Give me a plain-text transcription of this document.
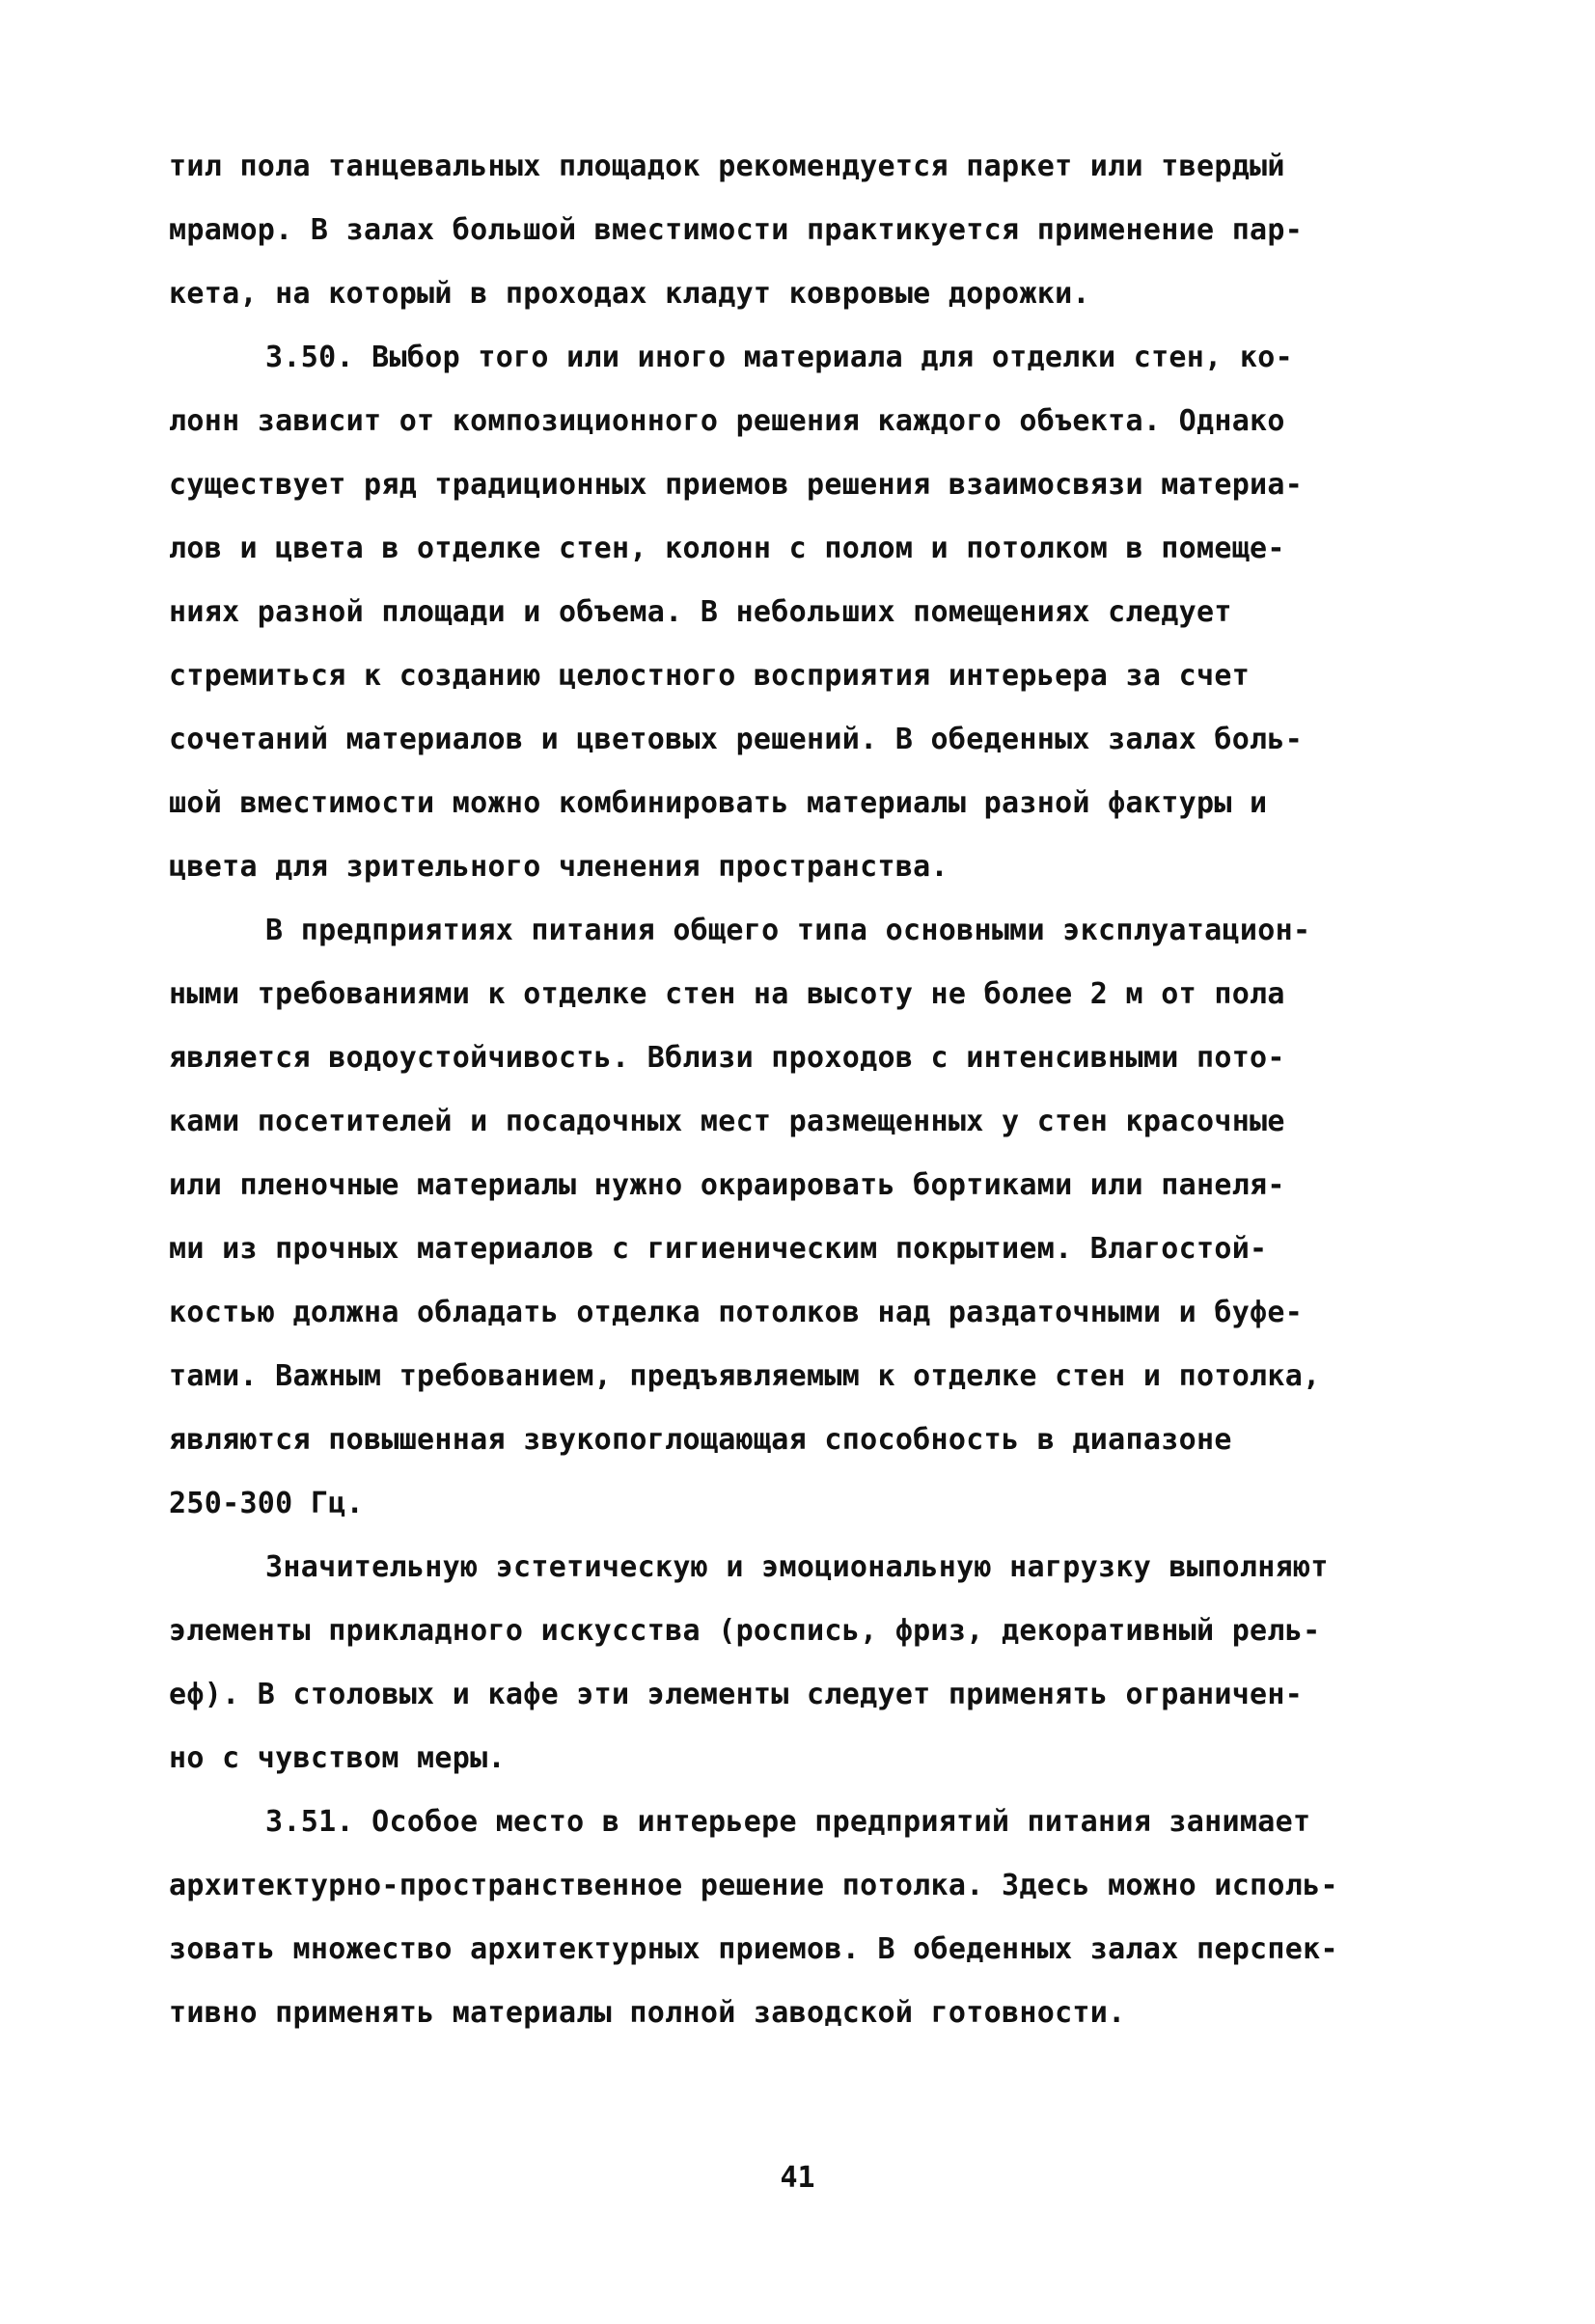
тил пола танцевальных площадок рекомендуется паркет или твердый
мрамор. В залах большой вместимости практикуется применение пар-
кета, на который в проходах кладут ковровые дорожки.
3.50. Выбор того или иного материала для отделки стен, ко-
лонн зависит от композиционного решения каждого объекта. Однако
существует ряд традиционных приемов решения взаимосвязи материа-
лов и цвета в отделке стен, колонн с полом и потолком в помеще-
ниях разной площади и объема. В небольших помещениях следует
стремиться к созданию целостного восприятия интерьера за счет
сочетаний материалов и цветовых решений. В обеденных залах боль-
шой вместимости можно комбинировать материалы разной фактуры и
цвета для зрительного членения пространства.
В предприятиях питания общего типа основными эксплуатацион-
ными требованиями к отделке стен на высоту не более 2 м от пола
является водоустойчивость. Вблизи проходов с интенсивными пото-
ками посетителей и посадочных мест размещенных у стен красочные
или пленочные материалы нужно окраировать бортиками или панеля-
ми из прочных материалов с гигиеническим покрытием. Влагостой-
костью должна обладать отделка потолков над раздаточными и буфе-
тами. Важным требованием, предъявляемым к отделке стен и потолка,
являются повышенная звукопоглощающая способность в диапазоне
250-300 Гц.
Значительную эстетическую и эмоциональную нагрузку выполняют
элементы прикладного искусства (роспись, фриз, декоративный рель-
еф). В столовых и кафе эти элементы следует применять ограничен-
но с чувством меры.
3.51. Особое место в интерьере предприятий питания занимает
архитектурно-пространственное решение потолка. Здесь можно исполь-
зовать множество архитектурных приемов. В обеденных залах перспек-
тивно применять материалы полной заводской готовности.
41
